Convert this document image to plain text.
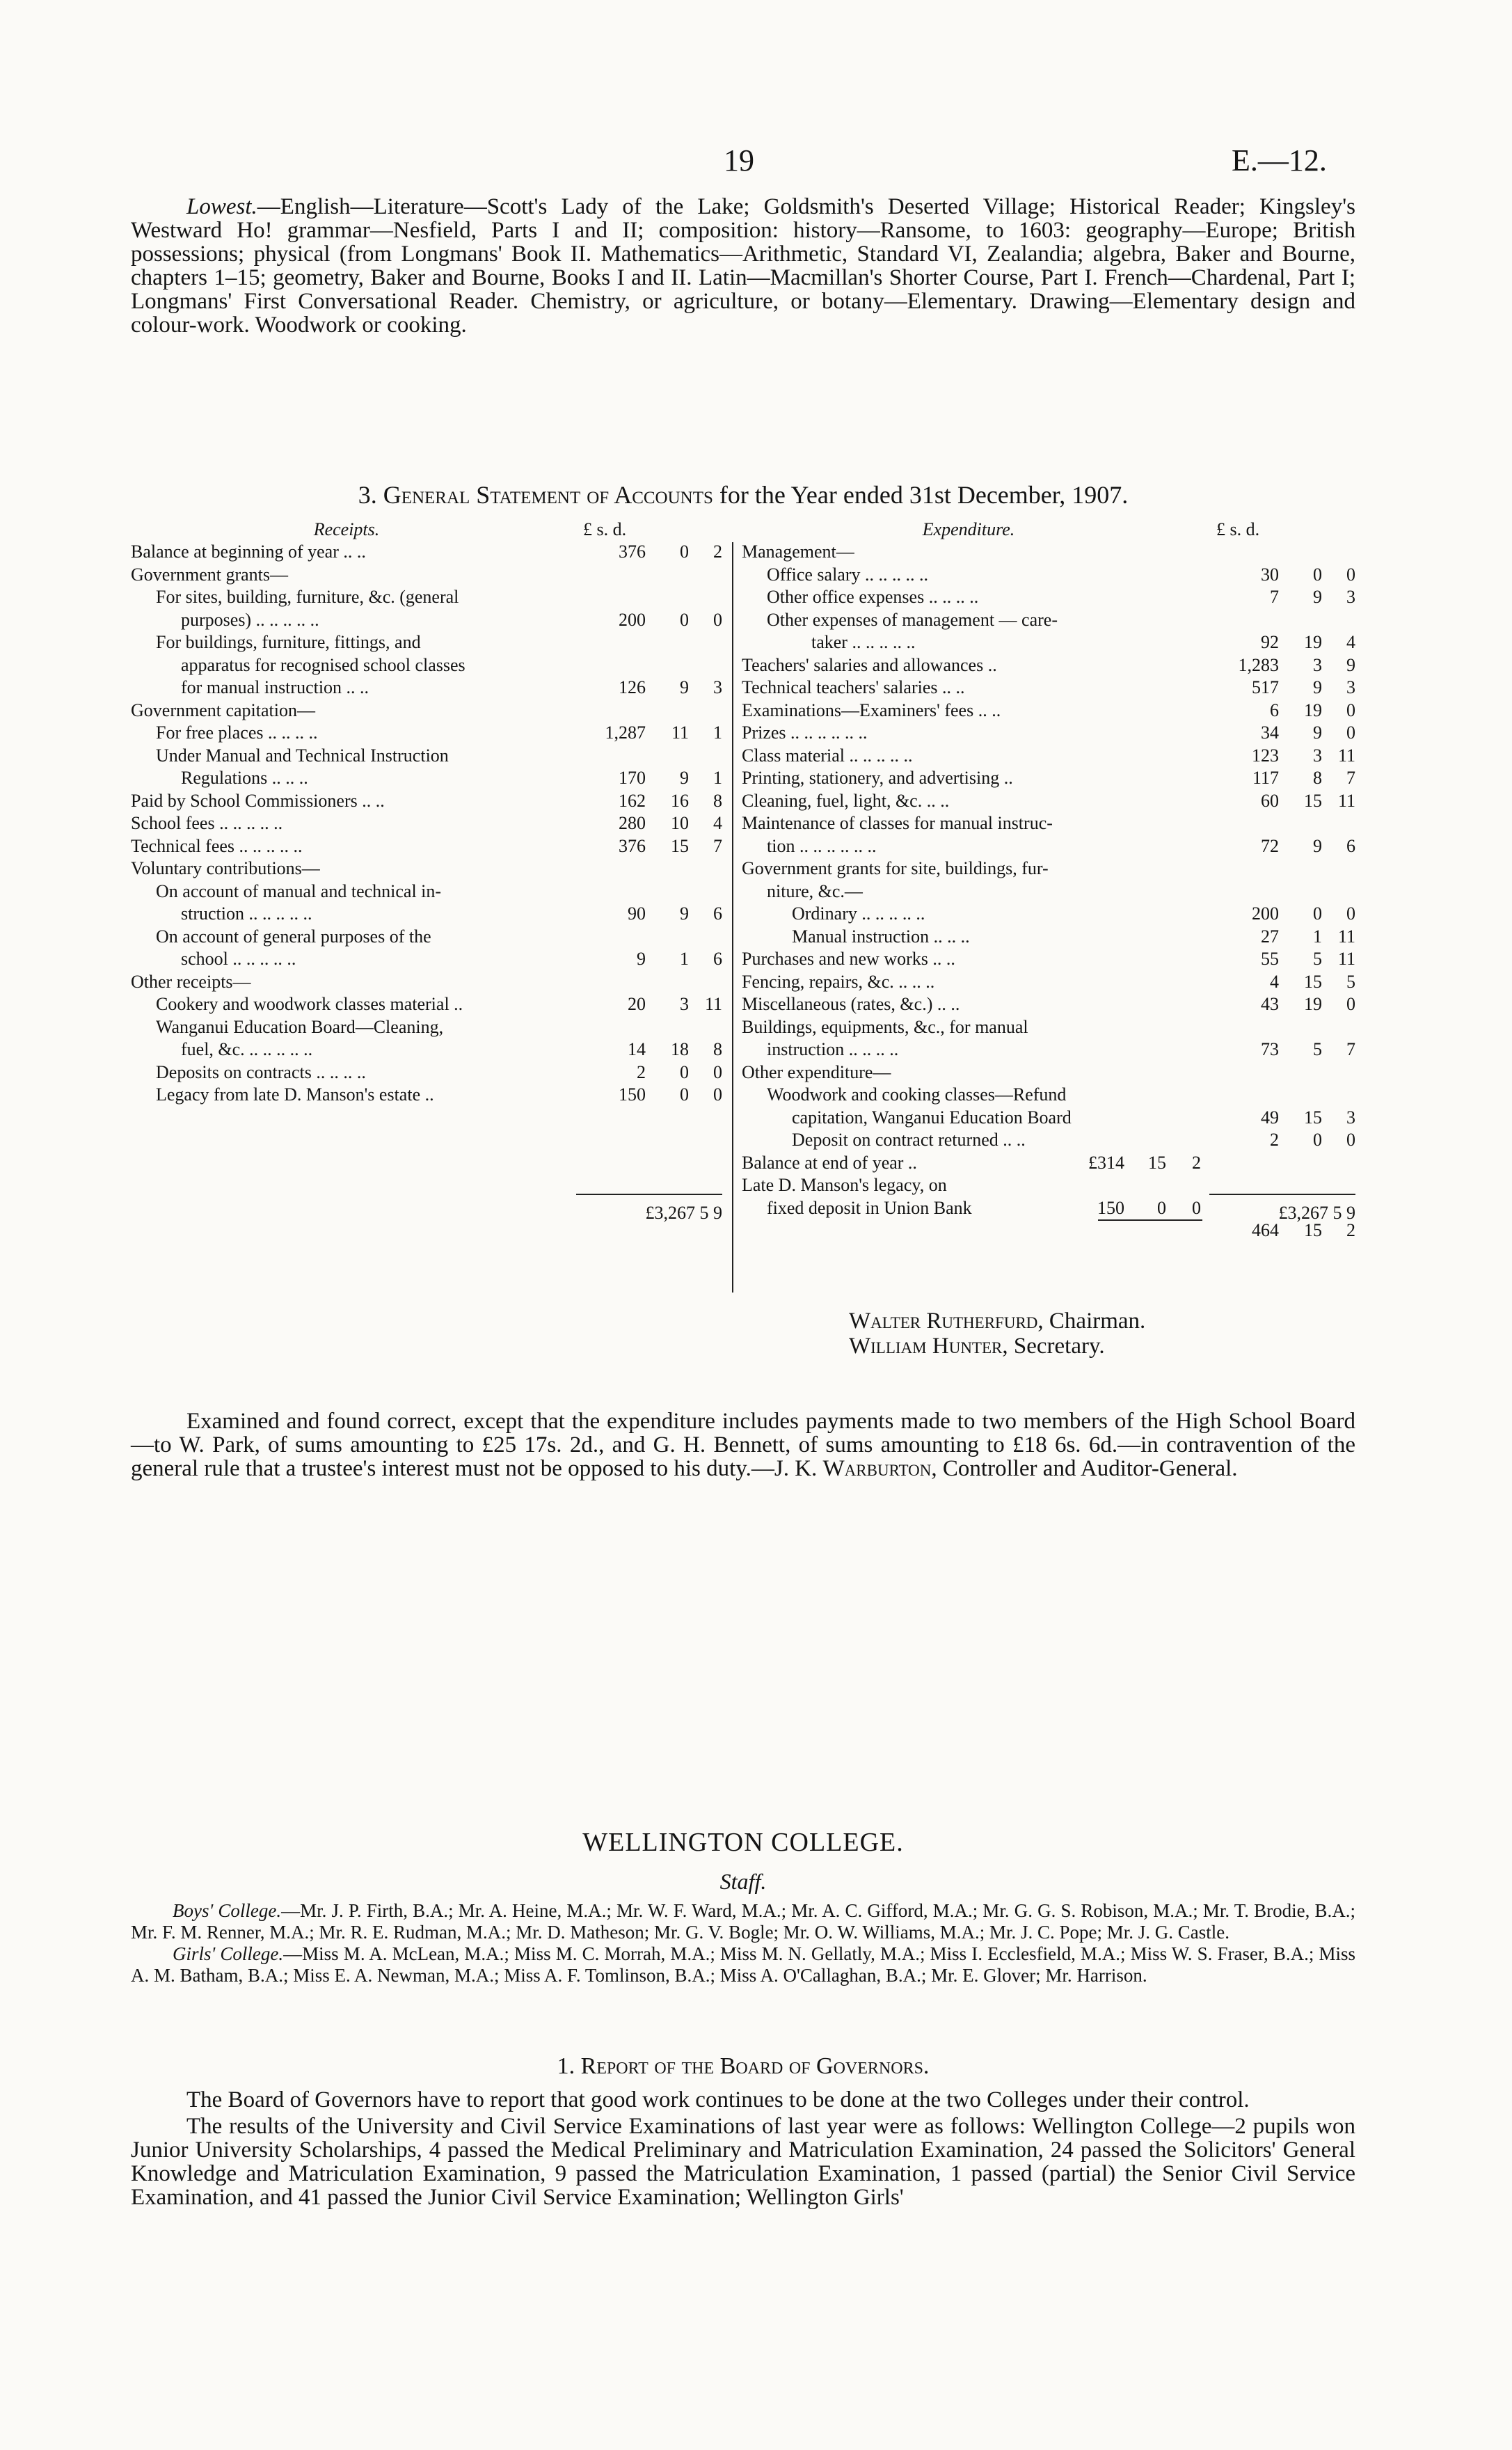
19	E.—12.

Lowest.—English—Literature—Scott's Lady of the Lake; Goldsmith's Deserted Village; Historical Reader; Kingsley's Westward Ho! grammar—Nesfield, Parts I and II; composition: history—Ransome, to 1603: geography—Europe; British possessions; physical (from Longmans' Book II. Mathematics—Arithmetic, Standard VI, Zealandia; algebra, Baker and Bourne, chapters 1–15; geometry, Baker and Bourne, Books I and II. Latin—Macmillan's Shorter Course, Part I. French—Chardenal, Part I; Longmans' First Conversational Reader. Chemistry, or agriculture, or botany—Elementary. Drawing—Elementary design and colour-work. Woodwork or cooking.

3. General Statement of Accounts for the Year ended 31st December, 1907.
Receipts.	£ s. d.
Balance at beginning of year .. ..	376	0	2
Government grants—
For sites, building, furniture, &c. (general
purposes) .. .. .. .. ..	200	0	0
For buildings, furniture, fittings, and
apparatus for recognised school classes
for manual instruction .. ..	126	9	3
Government capitation—
For free places .. .. .. ..	1,287	11	1
Under Manual and Technical Instruction
Regulations .. .. ..	170	9	1
Paid by School Commissioners .. ..	162	16	8
School fees .. .. .. .. ..	280	10	4
Technical fees .. .. .. .. ..	376	15	7
Voluntary contributions—
On account of manual and technical in-
struction .. .. .. .. ..	90	9	6
On account of general purposes of the
school .. .. .. .. ..	9	1	6
Other receipts—
Cookery and woodwork classes material ..	20	3 11
Wanganui Education Board—Cleaning,
fuel, &c. .. .. .. .. ..	14	18	8
Deposits on contracts .. .. .. ..	2	0	0
Legacy from late D. Manson's estate ..	150	0	0
£3,267 5 9
Expenditure.	£ s. d.
Management—
Office salary .. .. .. .. ..	30	0	0
Other office expenses .. .. .. ..	7	9	3
Other expenses of management — care-
taker .. .. .. .. ..	92	19	4
Teachers' salaries and allowances ..	1,283	3	9
Technical teachers' salaries .. ..	517	9	3
Examinations—Examiners' fees .. ..	6	19	0
Prizes .. .. .. .. .. ..	34	9	0
Class material .. .. .. .. ..	123	3 11
Printing, stationery, and advertising ..	117	8	7
Cleaning, fuel, light, &c. .. ..	60	15 11
Maintenance of classes for manual instruc-
tion .. .. .. .. .. ..	72	9	6
Government grants for site, buildings, fur-
niture, &c.—
Ordinary .. .. .. .. ..	200	0	0
Manual instruction .. .. ..	27	1 11
Purchases and new works .. ..	55	5 11
Fencing, repairs, &c. .. .. ..	4	15	5
Miscellaneous (rates, &c.) .. ..	43	19	0
Buildings, equipments, &c., for manual
instruction .. .. .. ..	73	5	7
Other expenditure—
Woodwork and cooking classes—Refund
capitation, Wanganui Education Board	49	15	3
Deposit on contract returned .. ..	2	0	0
Balance at end of year ..	£314	15	2
Late D. Manson's legacy, on
fixed deposit in Union Bank	150	0	0
464	15	2
£3,267 5 9
Walter Rutherfurd, Chairman.
William Hunter, Secretary.

Examined and found correct, except that the expenditure includes payments made to two members of the High School Board—to W. Park, of sums amounting to £25 17s. 2d., and G. H. Bennett, of sums amounting to £18 6s. 6d.—in contravention of the general rule that a trustee's interest must not be opposed to his duty.—J. K. Warburton, Controller and Auditor-General.

WELLINGTON COLLEGE.
Staff.

Boys' College.—Mr. J. P. Firth, B.A.; Mr. A. Heine, M.A.; Mr. W. F. Ward, M.A.; Mr. A. C. Gifford, M.A.; Mr. G. G. S. Robison, M.A.; Mr. T. Brodie, B.A.; Mr. F. M. Renner, M.A.; Mr. R. E. Rudman, M.A.; Mr. D. Matheson; Mr. G. V. Bogle; Mr. O. W. Williams, M.A.; Mr. J. C. Pope; Mr. J. G. Castle.

Girls' College.—Miss M. A. McLean, M.A.; Miss M. C. Morrah, M.A.; Miss M. N. Gellatly, M.A.; Miss I. Ecclesfield, M.A.; Miss W. S. Fraser, B.A.; Miss A. M. Batham, B.A.; Miss E. A. Newman, M.A.; Miss A. F. Tomlinson, B.A.; Miss A. O'Callaghan, B.A.; Mr. E. Glover; Mr. Harrison.

1. Report of the Board of Governors.

The Board of Governors have to report that good work continues to be done at the two Colleges under their control.

The results of the University and Civil Service Examinations of last year were as follows: Wellington College—2 pupils won Junior University Scholarships, 4 passed the Medical Preliminary and Matriculation Examination, 24 passed the Solicitors' General Knowledge and Matriculation Examination, 9 passed the Matriculation Examination, 1 passed (partial) the Senior Civil Service Examination, and 41 passed the Junior Civil Service Examination; Wellington Girls'
